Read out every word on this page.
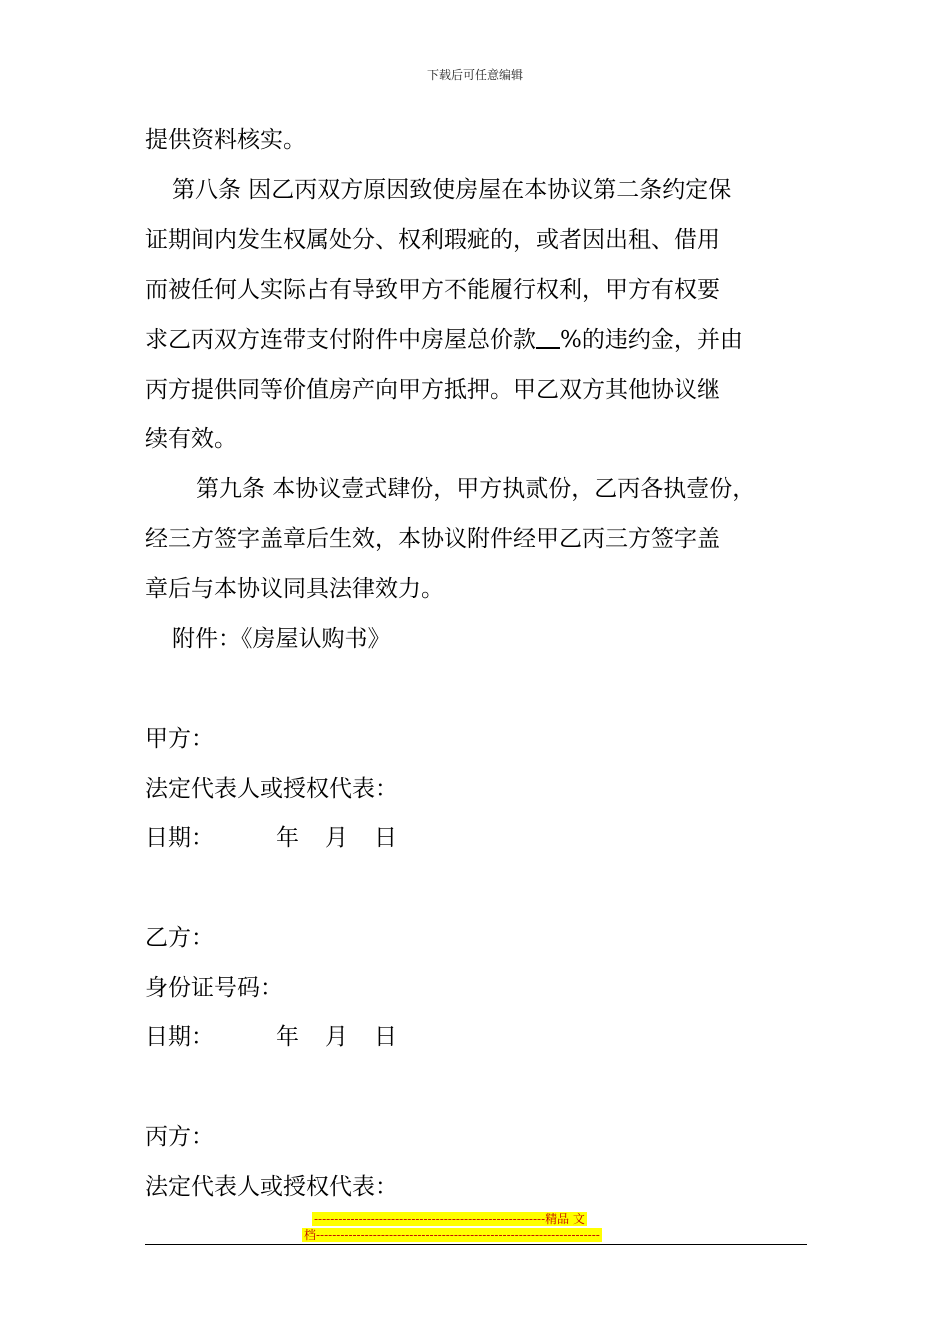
下载后可任意编辑
提供资料核实。
第八条 因乙丙双方原因致使房屋在本协议第二条约定保
证期间内发生权属处分、权利瑕疵的，或者因出租、借用
而被任何人实际占有导致甲方不能履行权利，甲方有权要
求乙丙双方连带支付附件中房屋总价款 %的违约金，并由
丙方提供同等价值房产向甲方抵押。甲乙双方其他协议继
续有效。
第九条 本协议壹式肆份，甲方执贰份，乙丙各执壹份，
经三方签字盖章后生效，本协议附件经甲乙丙三方签字盖
章后与本协议同具法律效力。
附件：《房屋认购书》
甲方：
法定代表人或授权代表：
日期：	年 月 日
乙方：
身份证号码：
日期：	年 月 日
丙方：
法定代表人或授权代表：
---------------------------------------------------------精品 文
档----------------------------------------------------------------------
